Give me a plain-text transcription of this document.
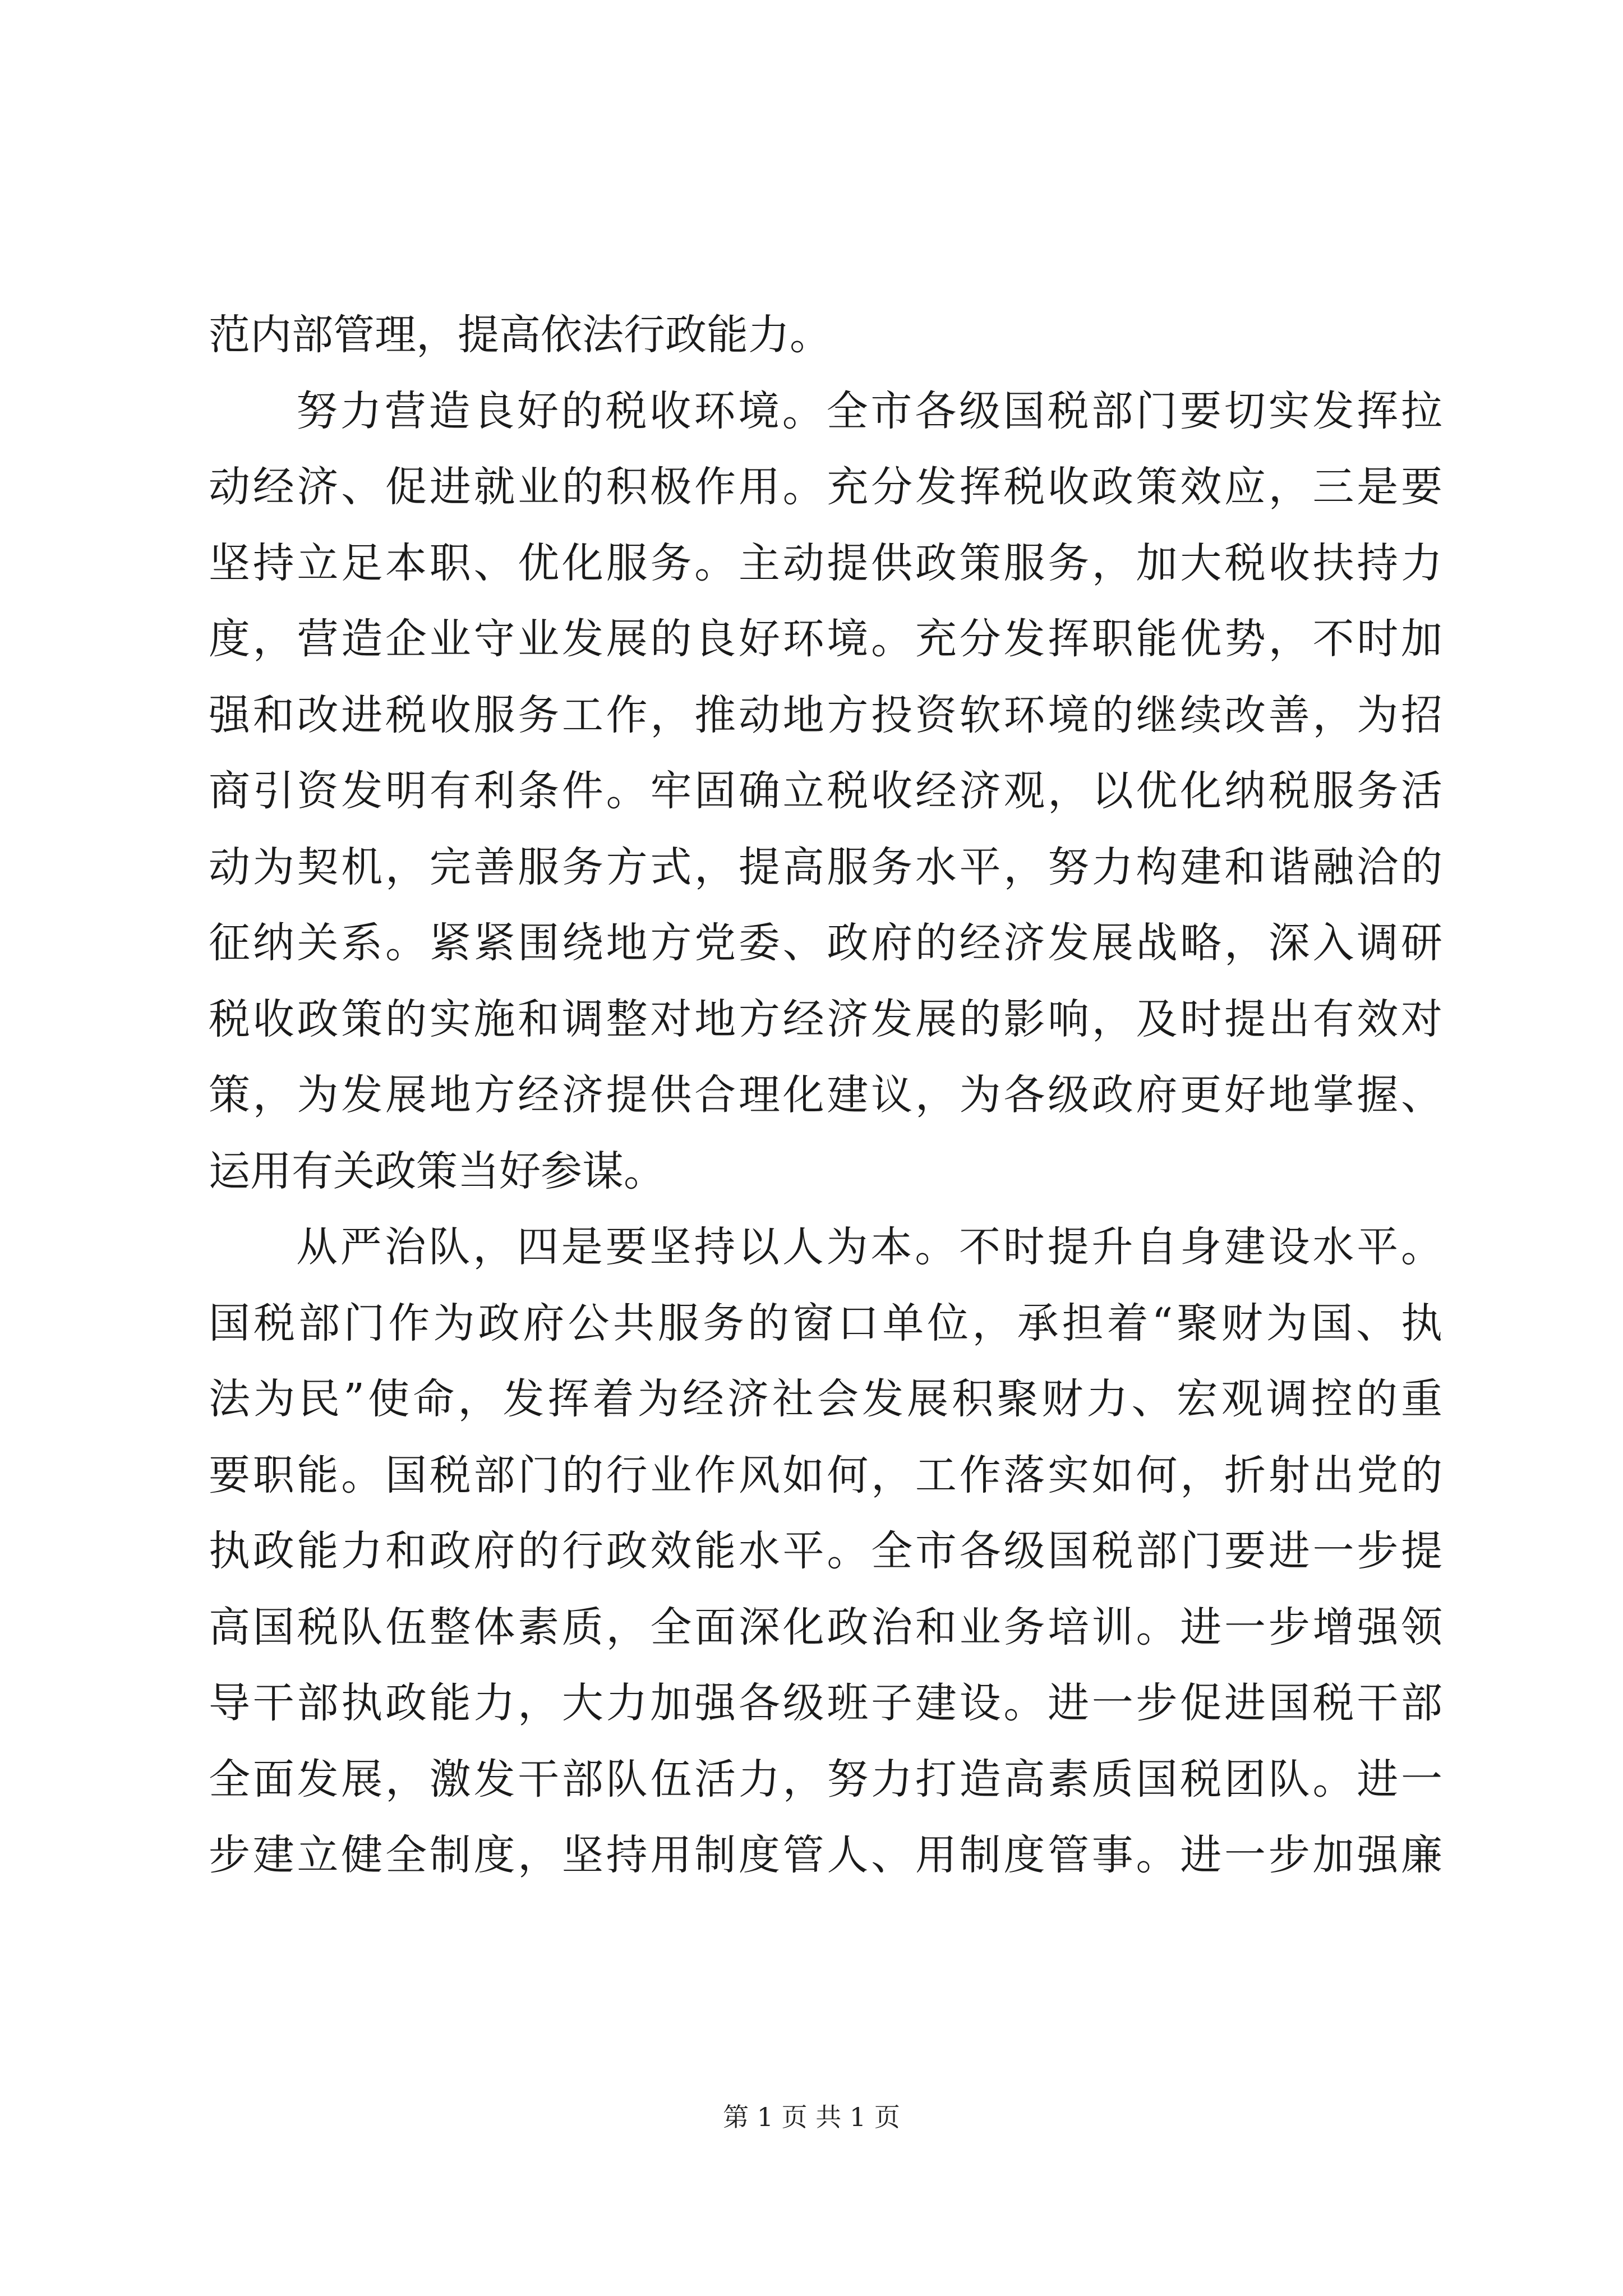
范内部管理，提高依法行政能力。
努力营造良好的税收环境。全市各级国税部门要切实发挥拉
动经济、促进就业的积极作用。充分发挥税收政策效应，三是要
坚持立足本职、优化服务。主动提供政策服务，加大税收扶持力
度，营造企业守业发展的良好环境。充分发挥职能优势，不时加
强和改进税收服务工作，推动地方投资软环境的继续改善，为招
商引资发明有利条件。牢固确立税收经济观，以优化纳税服务活
动为契机，完善服务方式，提高服务水平，努力构建和谐融洽的
征纳关系。紧紧围绕地方党委、政府的经济发展战略，深入调研
税收政策的实施和调整对地方经济发展的影响，及时提出有效对
策，为发展地方经济提供合理化建议，为各级政府更好地掌握、
运用有关政策当好参谋。
从严治队，四是要坚持以人为本。不时提升自身建设水平。
国税部门作为政府公共服务的窗口单位，承担着“聚财为国、执
法为民”使命，发挥着为经济社会发展积聚财力、宏观调控的重
要职能。国税部门的行业作风如何，工作落实如何，折射出党的
执政能力和政府的行政效能水平。全市各级国税部门要进一步提
高国税队伍整体素质，全面深化政治和业务培训。进一步增强领
导干部执政能力，大力加强各级班子建设。进一步促进国税干部
全面发展，激发干部队伍活力，努力打造高素质国税团队。进一
步建立健全制度，坚持用制度管人、用制度管事。进一步加强廉
第 1 页 共 1 页
